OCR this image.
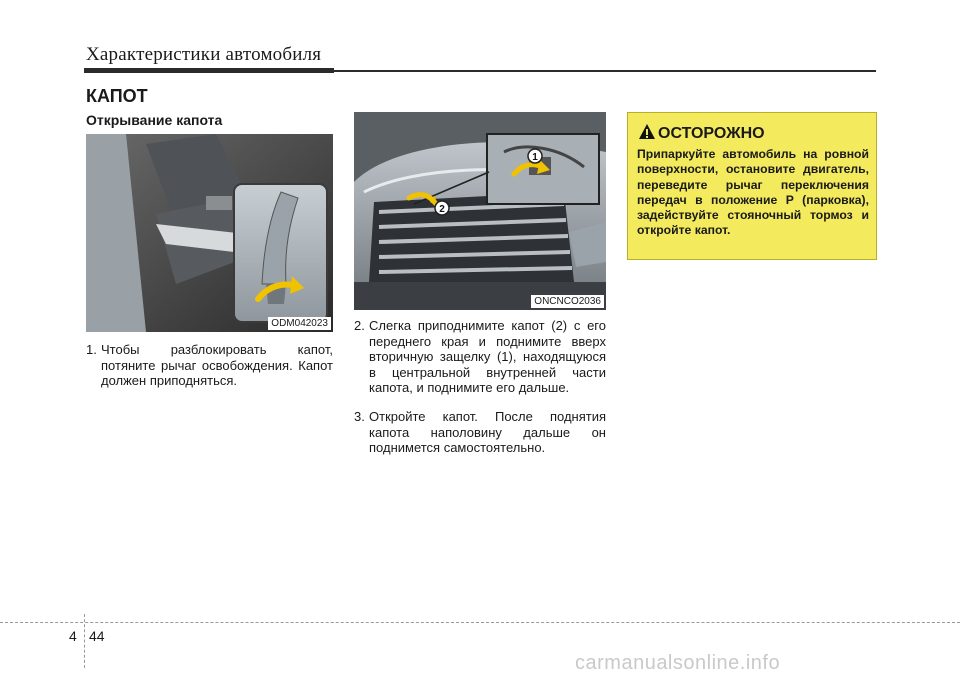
Характеристики автомобиля
КАПОТ
Открывание капота
ODM042023
1
2
ONCNCO2036
1. Чтобы разблокировать капот, потяните рычаг освобождения. Капот должен приподняться.
2. Слегка приподнимите капот (2) с его переднего края и поднимите вверх вторичную защелку (1), находящуюся в центральной внутренней части капота, и поднимите его дальше.
3. Откройте капот. После поднятия капота наполовину дальше он поднимется самостоятельно.
ОСТОРОЖНО
Припаркуйте автомобиль на ровной поверхности, остановите двигатель, переведите рычаг переключения передач в положение P (парковка), задействуйте стояночный тормоз и откройте капот.
4 44
carmanualsonline.info
